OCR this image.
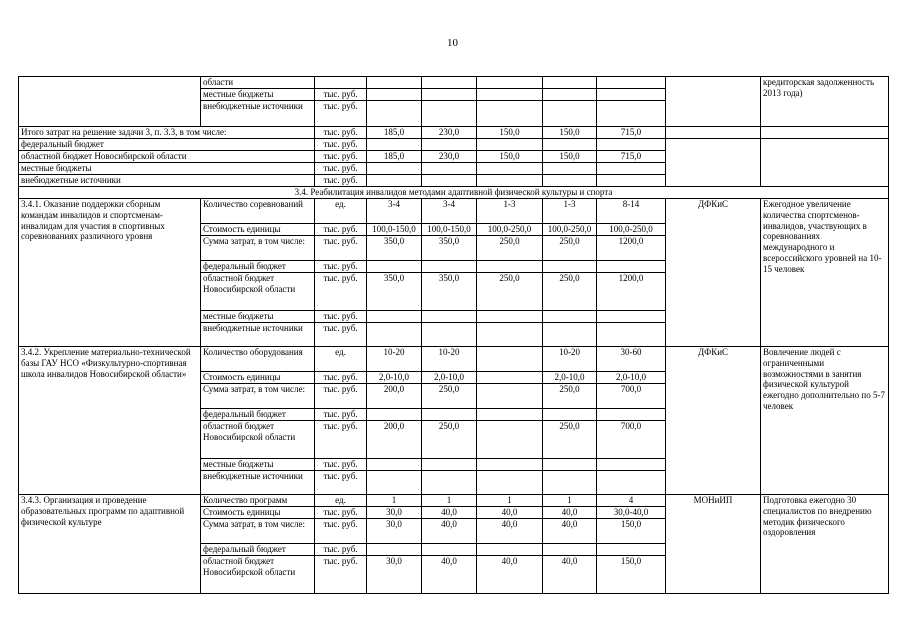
10
	области								кредиторская задолженность 2013 года)
	местные бюджеты	тыс. руб.							
	внебюджетные источники	тыс. руб.							
Итого затрат на решение задачи 3, п. 3.3, в том числе:		тыс. руб.	185,0	230,0	150,0	150,0	715,0		
федеральный бюджет		тыс. руб.							
областной бюджет Новосибирской области		тыс. руб.	185,0	230,0	150,0	150,0	715,0		
местные бюджеты		тыс. руб.							
внебюджетные источники		тыс. руб.							
3.4. Реабилитация инвалидов методами адаптивной физической культуры и спорта									
3.4.1. Оказание поддержки сборным командам инвалидов и спортсменам-инвалидам для участия в спортивных соревнованиях различного уровня	Количество соревнований	ед.	3-4	3-4	1-3	1-3	8-14	ДФКиС	Ежегодное увеличение количества спортсменов-инвалидов, участвующих в соревнованиях международного и всероссийского уровней на 10-15 человек
	Стоимость единицы	тыс. руб.	100,0-150,0	100,0-150,0	100,0-250,0	100,0-250,0	100,0-250,0		
	Сумма затрат, в том числе:	тыс. руб.	350,0	350,0	250,0	250,0	1200,0		
	федеральный бюджет	тыс. руб.							
	областной бюджет Новосибирской области	тыс. руб.	350,0	350,0	250,0	250,0	1200,0		
	местные бюджеты	тыс. руб.							
	внебюджетные источники	тыс. руб.							
3.4.2. Укрепление материально-технической базы ГАУ НСО «Физкультурно-спортивная школа инвалидов Новосибирской области»	Количество оборудования	ед.	10-20	10-20		10-20	30-60	ДФКиС	Вовлечение людей с ограниченными возможностями в занятия физической культурой ежегодно дополнительно по 5-7 человек
	Стоимость единицы	тыс. руб.	2,0-10,0	2,0-10,0		2,0-10,0	2,0-10,0		
	Сумма затрат, в том числе:	тыс. руб.	200,0	250,0		250,0	700,0		
	федеральный бюджет	тыс. руб.							
	областной бюджет Новосибирской области	тыс. руб.	200,0	250,0		250,0	700,0		
	местные бюджеты	тыс. руб.							
	внебюджетные источники	тыс. руб.							
3.4.3. Организация и проведение образовательных программ по адаптивной физической культуре	Количество программ	ед.	1	1	1	1	4	МОНиИП	Подготовка ежегодно 30 специалистов по внедрению методик физического оздоровления
	Стоимость единицы	тыс. руб.	30,0	40,0	40,0	40,0	30,0-40,0		
	Сумма затрат, в том числе:	тыс. руб.	30,0	40,0	40,0	40,0	150,0		
	федеральный бюджет	тыс. руб.							
	областной бюджет Новосибирской области	тыс. руб.	30,0	40,0	40,0	40,0	150,0		
